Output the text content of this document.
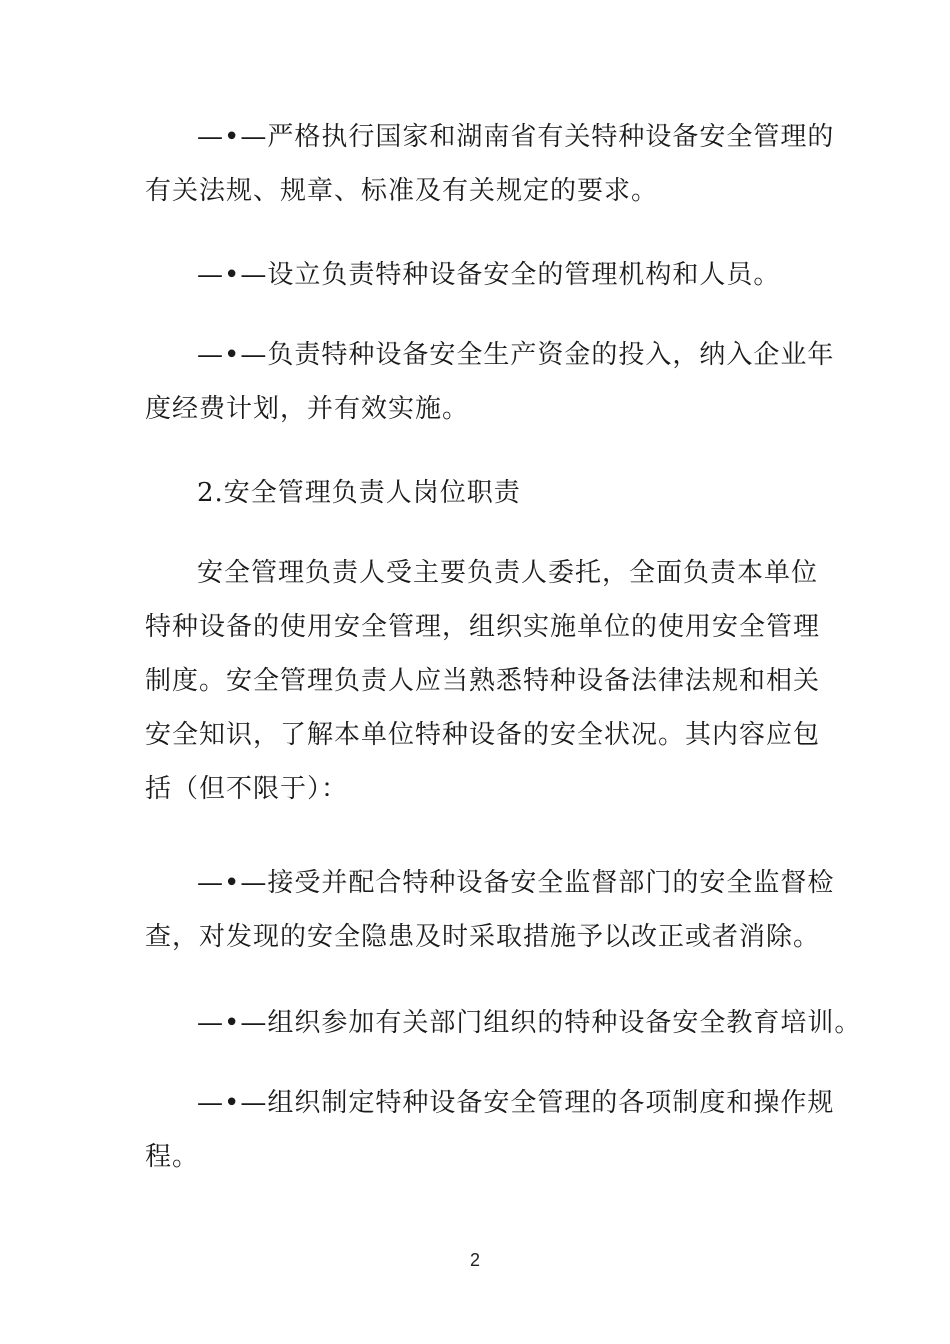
—•—严格执行国家和湖南省有关特种设备安全管理的
有关法规、规章、标准及有关规定的要求。
—•—设立负责特种设备安全的管理机构和人员。
—•—负责特种设备安全生产资金的投入，纳入企业年
度经费计划，并有效实施。
2.安全管理负责人岗位职责
安全管理负责人受主要负责人委托，全面负责本单位
特种设备的使用安全管理，组织实施单位的使用安全管理
制度。安全管理负责人应当熟悉特种设备法律法规和相关
安全知识，了解本单位特种设备的安全状况。其内容应包
括（但不限于）：
—•—接受并配合特种设备安全监督部门的安全监督检
查，对发现的安全隐患及时采取措施予以改正或者消除。
—•—组织参加有关部门组织的特种设备安全教育培训。
—•—组织制定特种设备安全管理的各项制度和操作规
程。
2
